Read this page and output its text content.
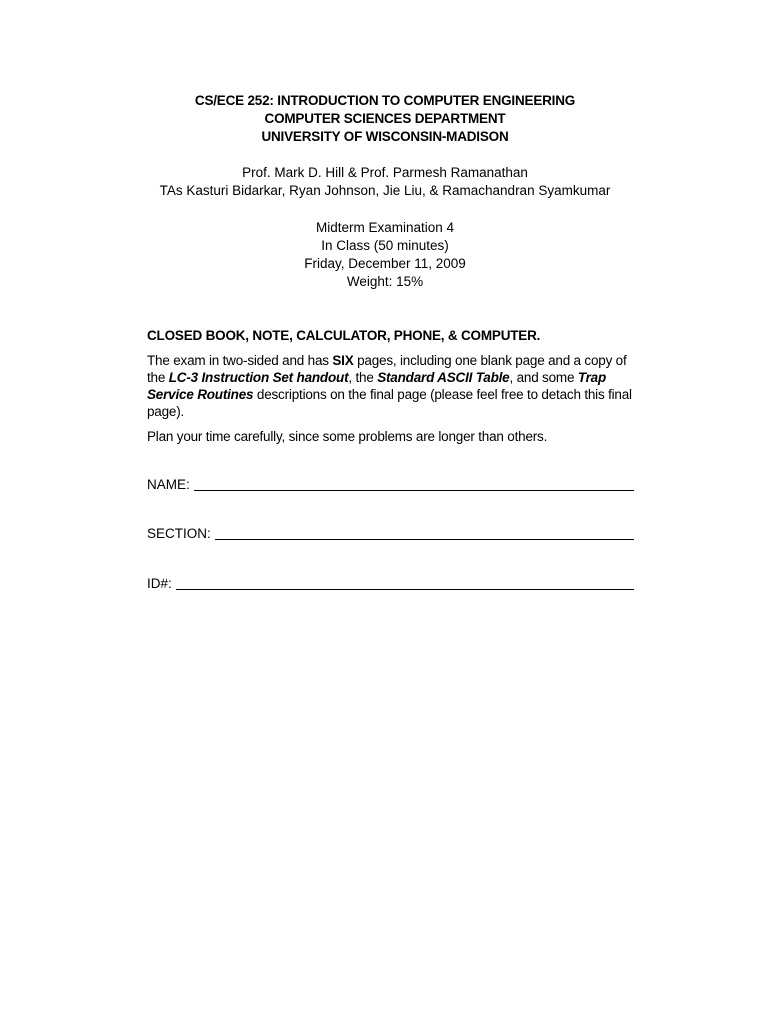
CS/ECE 252: INTRODUCTION TO COMPUTER ENGINEERING

COMPUTER SCIENCES DEPARTMENT

UNIVERSITY OF WISCONSIN-MADISON

Prof. Mark D. Hill & Prof. Parmesh Ramanathan
TAs Kasturi Bidarkar, Ryan Johnson, Jie Liu, & Ramachandran Syamkumar
Midterm Examination 4
In Class (50 minutes)
Friday, December 11, 2009
Weight: 15%
CLOSED BOOK, NOTE, CALCULATOR, PHONE, & COMPUTER.
The exam in two-sided and has SIX pages, including one blank page and a copy of the LC-3 Instruction Set handout, the Standard ASCII Table, and some Trap Service Routines descriptions on the final page (please feel free to detach this final page).
Plan your time carefully, since some problems are longer than others.
NAME:
SECTION:
ID#:
